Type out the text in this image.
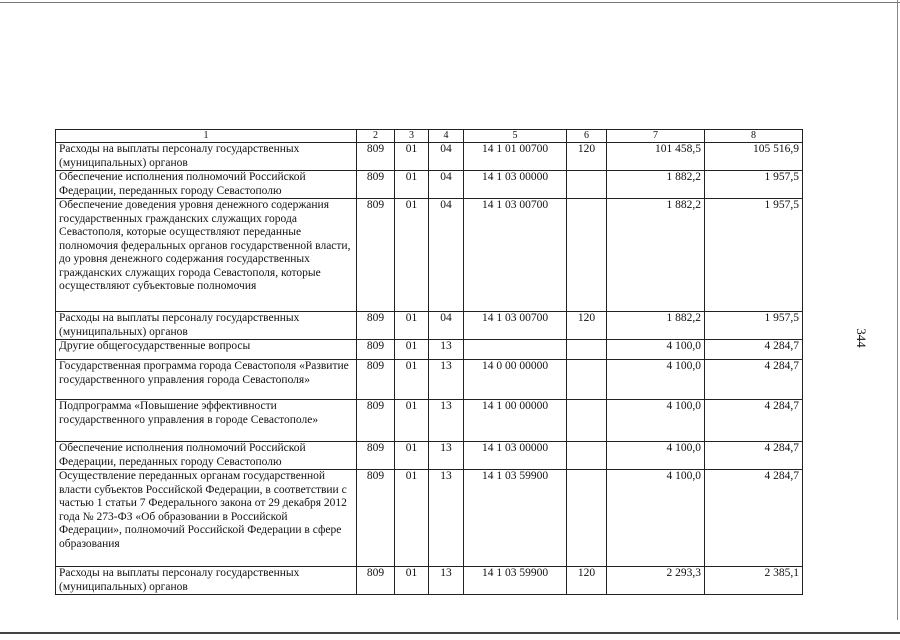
344
1	2	3	4	5	6	7	8
Расходы на выплаты персоналу государственных (муниципальных) органов	809	01	04	14 1 01 00700	120	101 458,5	105 516,9
Обеспечение исполнения полномочий Российской Федерации, переданных городу Севастополю	809	01	04	14 1 03 00000		1 882,2	1 957,5
Обеспечение доведения уровня денежного содержания государственных гражданских служащих города Севастополя, которые осуществляют переданные полномочия федеральных органов государственной власти, до уровня денежного содержания государственных гражданских служащих города Севастополя, которые осуществляют субъектовые полномочия	809	01	04	14 1 03 00700		1 882,2	1 957,5
Расходы на выплаты персоналу государственных (муниципальных) органов	809	01	04	14 1 03 00700	120	1 882,2	1 957,5
Другие общегосударственные вопросы	809	01	13			4 100,0	4 284,7
Государственная программа города Севастополя «Развитие государственного управления города Севастополя»	809	01	13	14 0 00 00000		4 100,0	4 284,7
Подпрограмма «Повышение эффективности государственного управления в городе Севастополе»	809	01	13	14 1 00 00000		4 100,0	4 284,7
Обеспечение исполнения полномочий Российской Федерации, переданных городу Севастополю	809	01	13	14 1 03 00000		4 100,0	4 284,7
Осуществление переданных органам государственной власти субъектов Российской Федерации, в соответствии с частью 1 статьи 7 Федерального закона от 29 декабря 2012 года № 273-ФЗ «Об образовании в Российской Федерации», полномочий Российской Федерации в сфере образования	809	01	13	14 1 03 59900		4 100,0	4 284,7
Расходы на выплаты персоналу государственных (муниципальных) органов	809	01	13	14 1 03 59900	120	2 293,3	2 385,1
